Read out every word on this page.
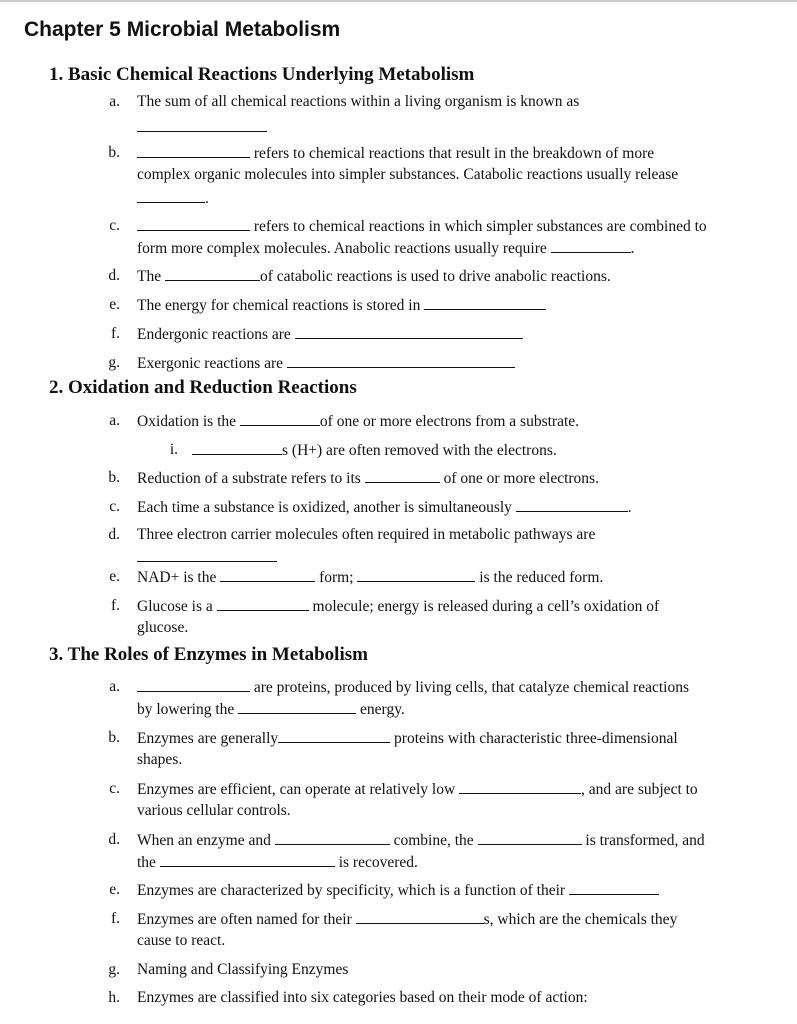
Chapter 5 Microbial Metabolism
1. Basic Chemical Reactions Underlying Metabolism
a. The sum of all chemical reactions within a living organism is known as
b.	refers to chemical reactions that result in the breakdown of more
complex organic molecules into simpler substances. Catabolic reactions usually release
.
c.	refers to chemical reactions in which simpler substances are combined to
form more complex molecules. Anabolic reactions usually require	.
d. The	of catabolic reactions is used to drive anabolic reactions.
e. The energy for chemical reactions is stored in
f. Endergonic reactions are
g. Exergonic reactions are
2. Oxidation and Reduction Reactions
a. Oxidation is the	of one or more electrons from a substrate.
i.	s (H+) are often removed with the electrons.
b. Reduction of a substrate refers to its	of one or more electrons.
c. Each time a substance is oxidized, another is simultaneously	.
d. Three electron carrier molecules often required in metabolic pathways are
e. NAD+ is the	form;	is the reduced form.
f. Glucose is a	molecule; energy is released during a cell’s oxidation of
glucose.
3. The Roles of Enzymes in Metabolism
a.	are proteins, produced by living cells, that catalyze chemical reactions
by lowering the	energy.
b. Enzymes are generally	proteins with characteristic three-dimensional
shapes.
c. Enzymes are efficient, can operate at relatively low	, and are subject to
various cellular controls.
d. When an enzyme and	combine, the	is transformed, and
the	is recovered.
e. Enzymes are characterized by specificity, which is a function of their
f. Enzymes are often named for their	s, which are the chemicals they
cause to react.
g. Naming and Classifying Enzymes
h. Enzymes are classified into six categories based on their mode of action:
